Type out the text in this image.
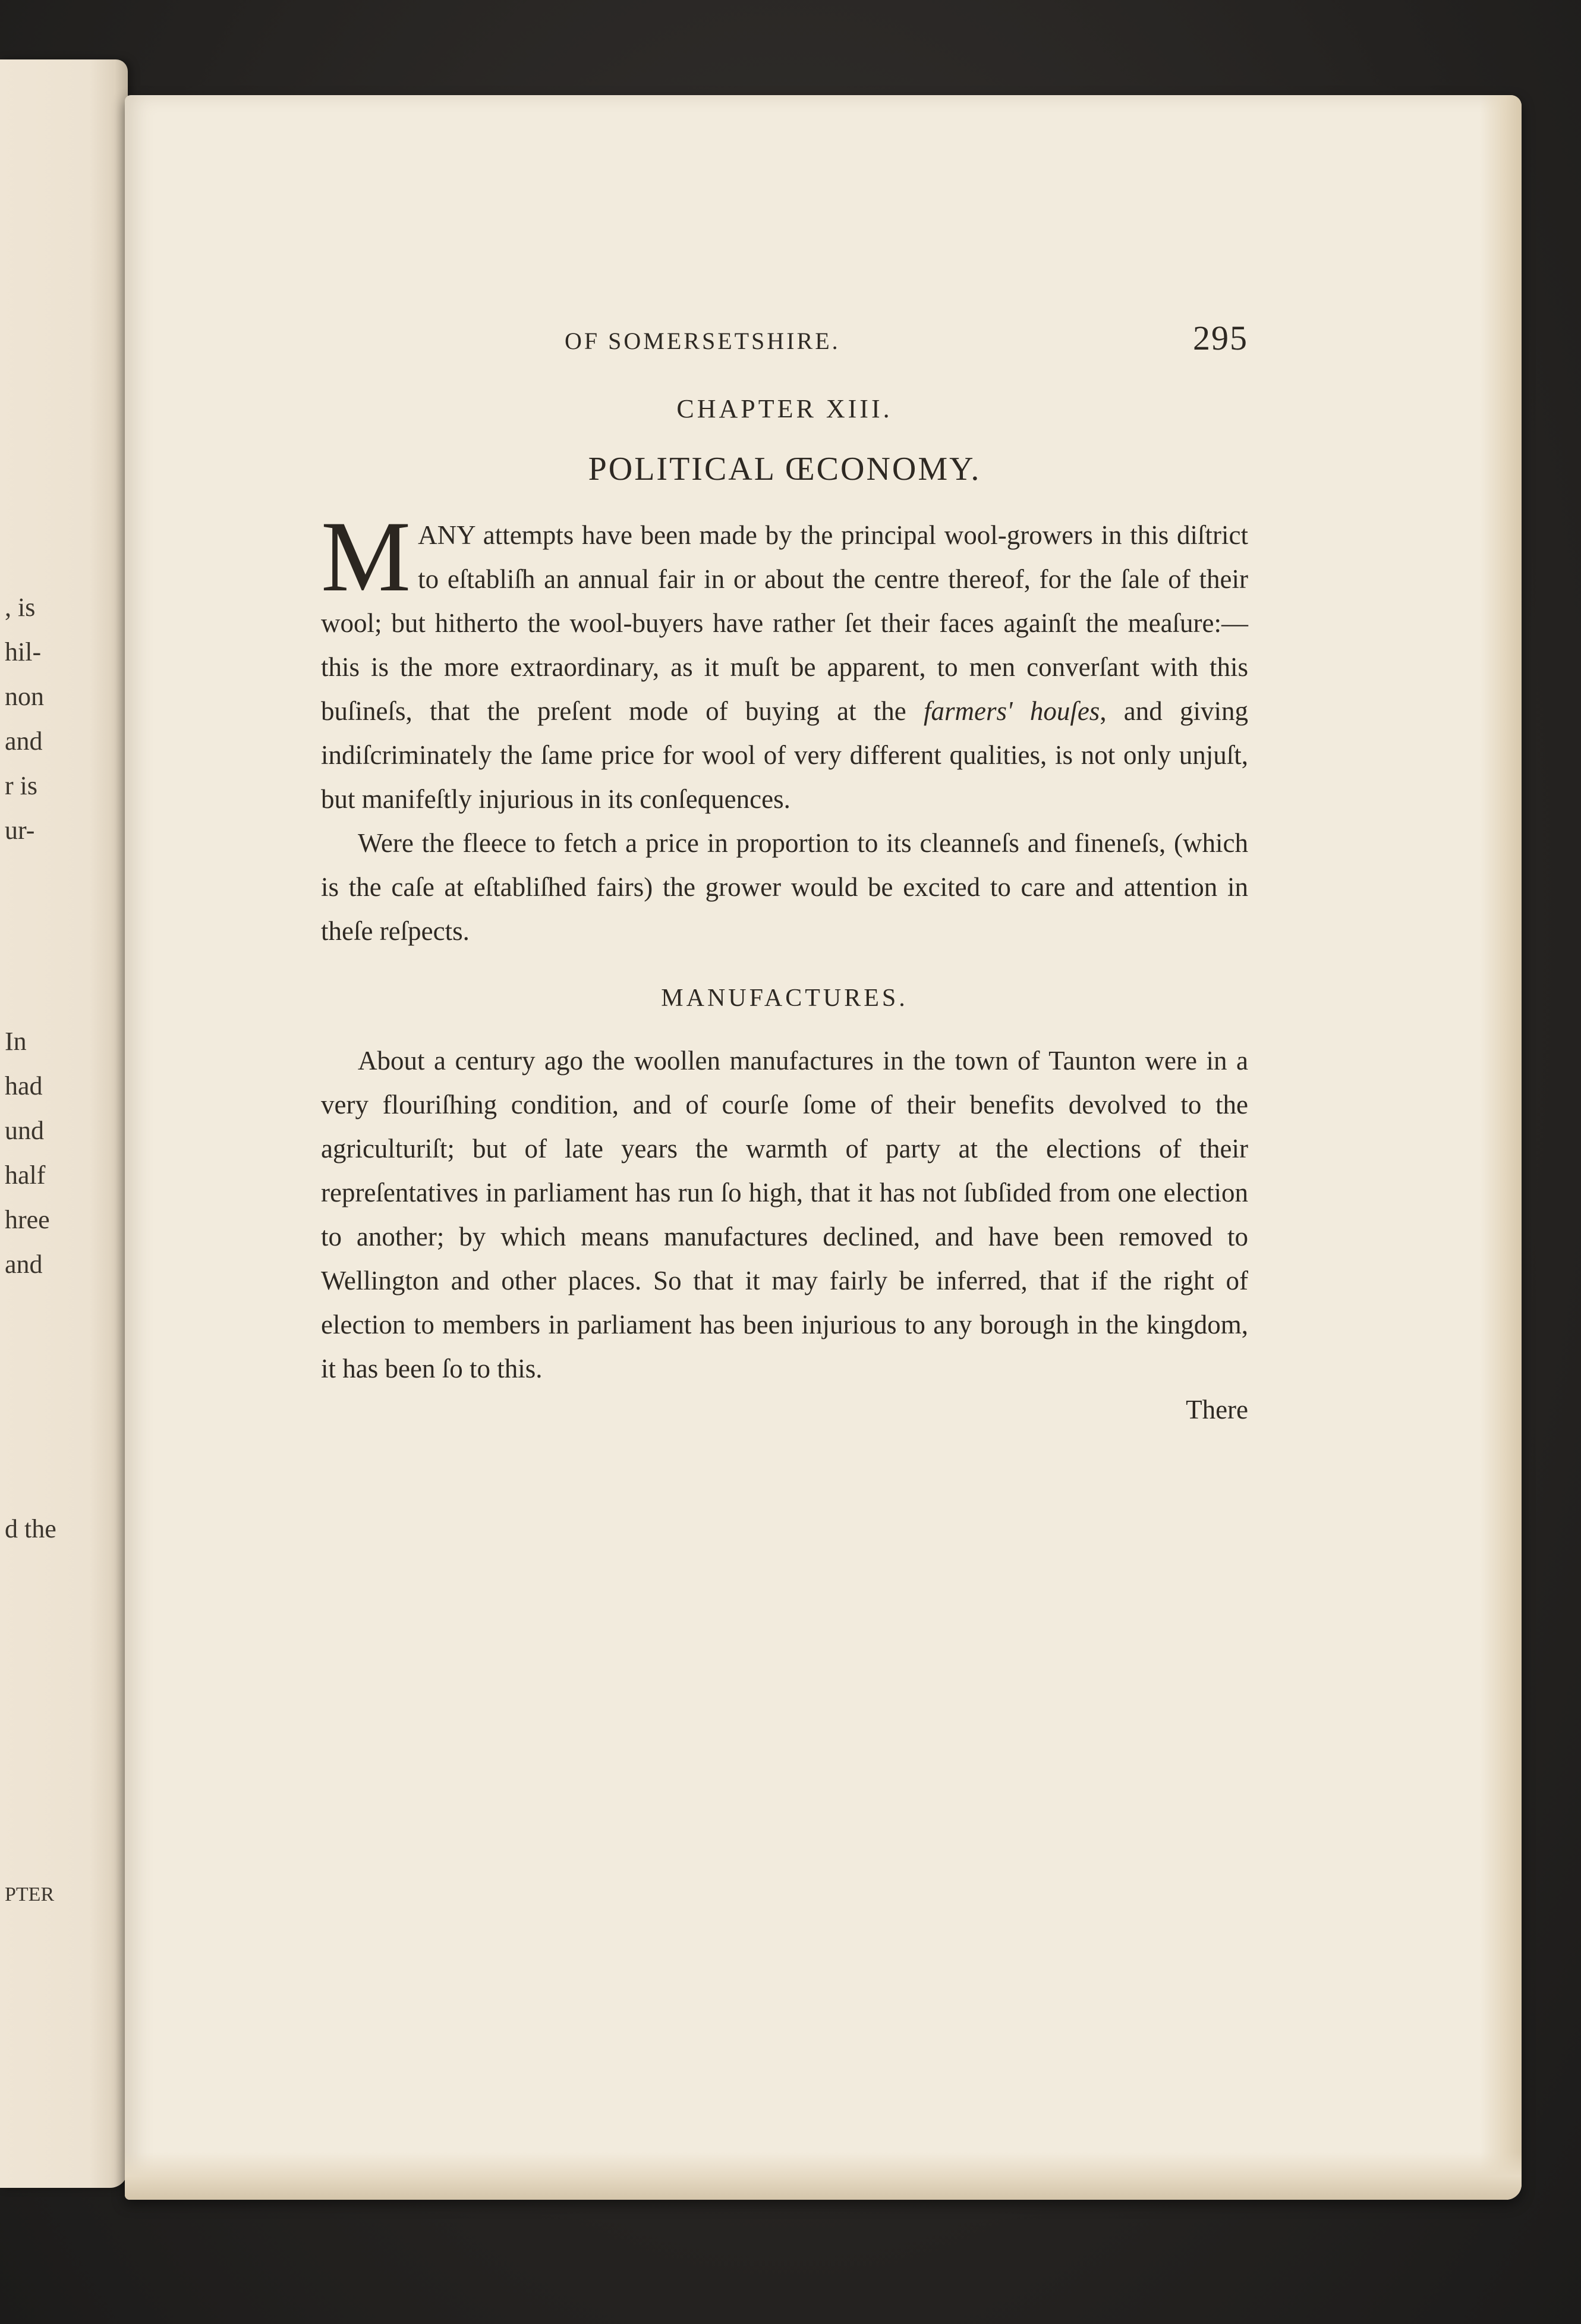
, is
hil-
non
and
r is
ur-
In
had
und
half
hree
and
d the
PTER
OF SOMERSETSHIRE.	295
CHAPTER XIII.
POLITICAL ŒCONOMY.

MANY attempts have been made by the principal wool-growers in this diſtrict to eſtabliſh an annual fair in or about the centre thereof, for the ſale of their wool; but hitherto the wool-buyers have rather ſet their faces againſt the meaſure:—this is the more extraordinary, as it muſt be apparent, to men converſant with this buſineſs, that the preſent mode of buying at the farmers' houſes, and giving indiſcriminately the ſame price for wool of very different qualities, is not only unjuſt, but manifeſtly injurious in its conſequences.

Were the fleece to fetch a price in proportion to its cleanneſs and fineneſs, (which is the caſe at eſtabliſhed fairs) the grower would be excited to care and attention in theſe reſpects.

MANUFACTURES.

About a century ago the woollen manufactures in the town of Taunton were in a very flouriſhing condition, and of courſe ſome of their benefits devolved to the agriculturiſt; but of late years the warmth of party at the elections of their repreſentatives in parliament has run ſo high, that it has not ſubſided from one election to another; by which means manufactures declined, and have been removed to Wellington and other places. So that it may fairly be inferred, that if the right of election to members in parliament has been injurious to any borough in the kingdom, it has been ſo to this.

There
